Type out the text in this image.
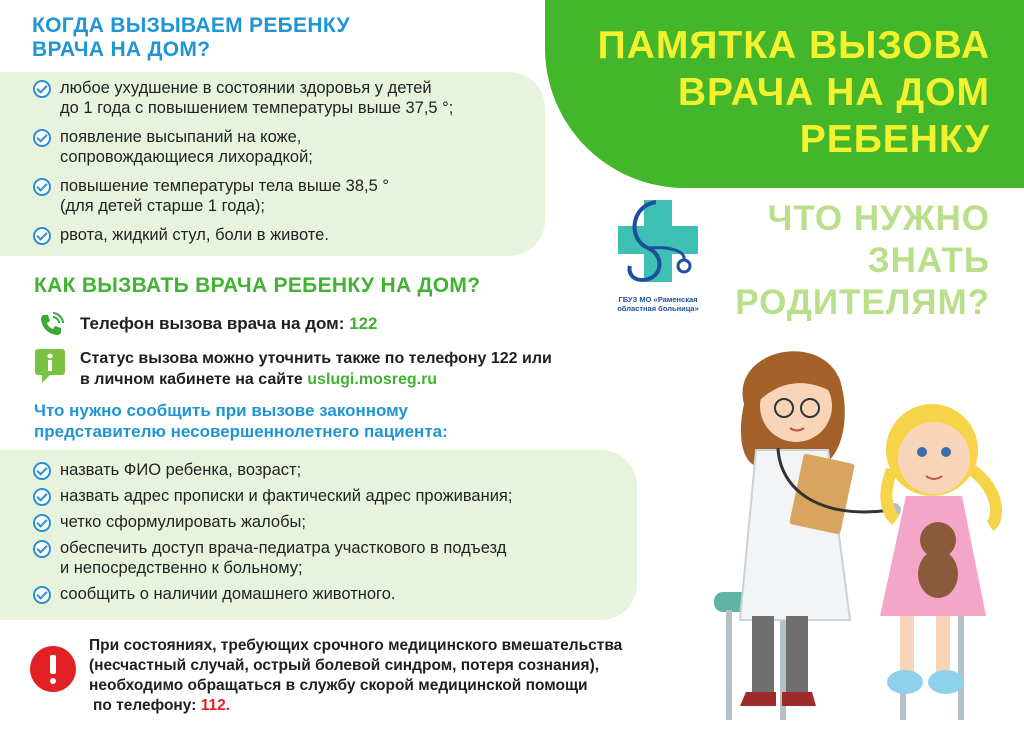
КОГДА ВЫЗЫВАЕМ РЕБЕНКУ
ВРАЧА НА ДОМ?
любое ухудшение в состоянии здоровья у детей
до 1 года с повышением температуры выше 37,5 °;
появление высыпаний на коже,
сопровождающиеся лихорадкой;
повышение температуры тела выше 38,5 °
(для детей старше 1 года);
рвота, жидкий стул, боли в животе.
ПАМЯТКА ВЫЗОВА
ВРАЧА НА ДОМ
РЕБЕНКУ
ЧТО НУЖНО
ЗНАТЬ
РОДИТЕЛЯМ?
ГБУЗ МО «Раменская
областная больница»
КАК ВЫЗВАТЬ ВРАЧА РЕБЕНКУ НА ДОМ?
Телефон вызова врача на дом: 122
Статус вызова можно уточнить также по телефону 122 или
в личном кабинете на сайте uslugi.mosreg.ru
Что нужно сообщить при вызове законному
представителю несовершеннолетнего пациента:
назвать ФИО ребенка, возраст;
назвать адрес прописки и фактический адрес проживания;
четко сформулировать жалобы;
обеспечить доступ врача-педиатра участкового в подъезд
и непосредственно к больному;
сообщить о наличии домашнего животного.
При состояниях, требующих срочного медицинского вмешательства
(несчастный случай, острый болевой синдром, потеря сознания),
необходимо обращаться в службу скорой медицинской помощи
по телефону: 112.
